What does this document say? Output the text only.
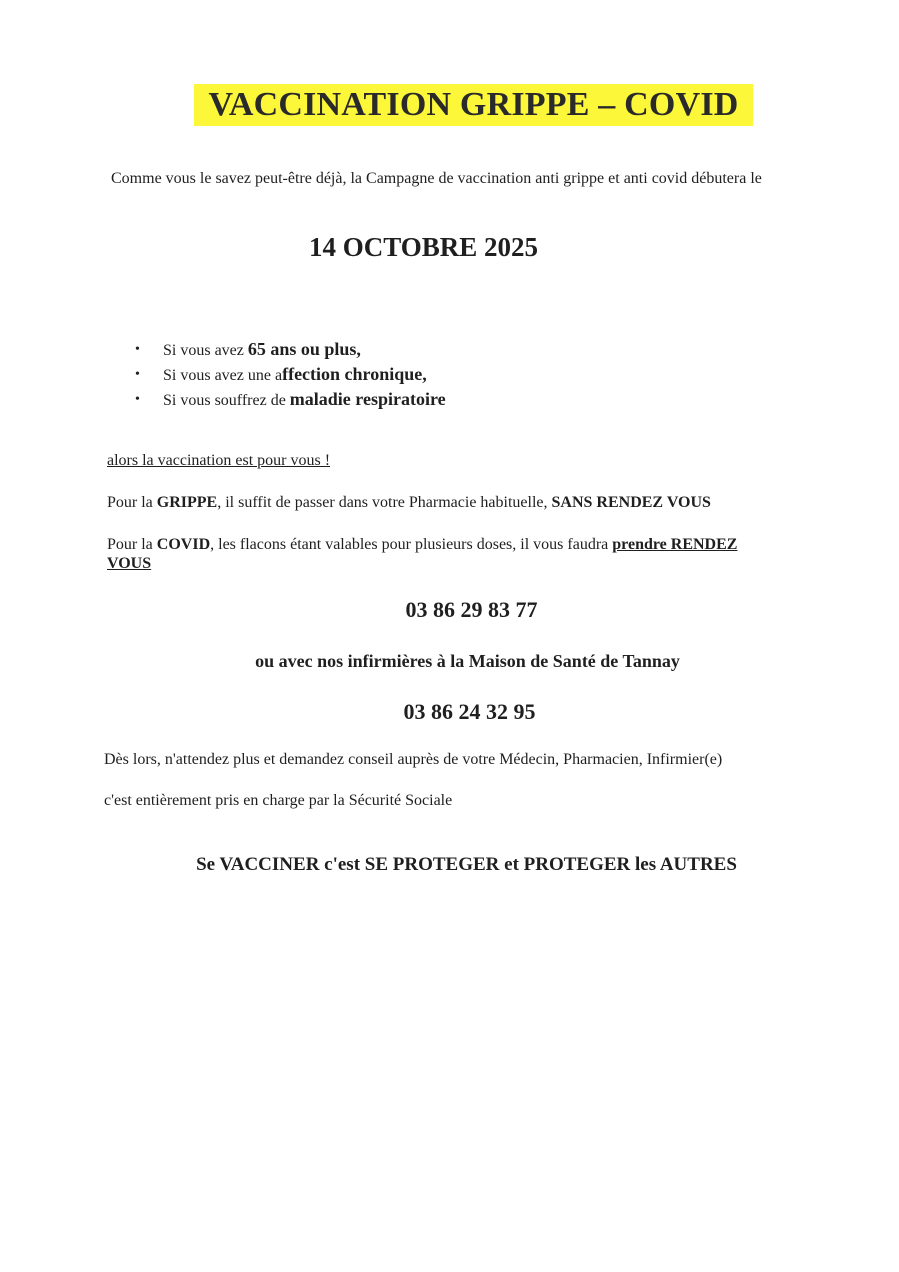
VACCINATION GRIPPE – COVID
Comme vous le savez peut-être déjà, la Campagne de vaccination anti grippe et anti covid débutera le
14 OCTOBRE 2025
• Si vous avez 65 ans ou plus,
• Si vous avez une affection chronique,
• Si vous souffrez de maladie respiratoire
alors la vaccination est pour vous !
Pour la GRIPPE, il suffit de passer dans votre Pharmacie habituelle, SANS RENDEZ VOUS
Pour la COVID, les flacons étant valables pour plusieurs doses, il vous faudra prendre RENDEZ
VOUS
03 86 29 83 77
ou avec nos infirmières à la Maison de Santé de Tannay
03 86 24 32 95
Dès lors, n'attendez plus et demandez conseil auprès de votre Médecin, Pharmacien, Infirmier(e)
c'est entièrement pris en charge par la Sécurité Sociale
Se VACCINER c'est SE PROTEGER et PROTEGER les AUTRES
